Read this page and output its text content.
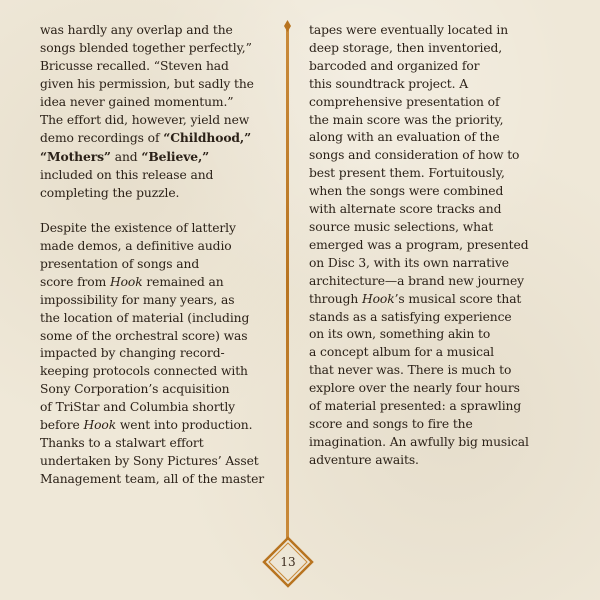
was hardly any overlap and the
songs blended together perfectly,”
Bricusse recalled. “Steven had
given his permission, but sadly the
idea never gained momentum.”
The effort did, however, yield new
demo recordings of “Childhood,”
“Mothers” and “Believe,”
included on this release and
completing the puzzle.

Despite the existence of latterly
made demos, a definitive audio
presentation of songs and
score from Hook remained an
impossibility for many years, as
the location of material (including
some of the orchestral score) was
impacted by changing record-
keeping protocols connected with
Sony Corporation’s acquisition
of TriStar and Columbia shortly
before Hook went into production.
Thanks to a stalwart effort
undertaken by Sony Pictures’ Asset
Management team, all of the master

tapes were eventually located in
deep storage, then inventoried,
barcoded and organized for
this soundtrack project. A
comprehensive presentation of
the main score was the priority,
along with an evaluation of the
songs and consideration of how to
best present them. Fortuitously,
when the songs were combined
with alternate score tracks and
source music selections, what
emerged was a program, presented
on Disc 3, with its own narrative
architecture—a brand new journey
through Hook’s musical score that
stands as a satisfying experience
on its own, something akin to
a concept album for a musical
that never was. There is much to
explore over the nearly four hours
of material presented: a sprawling
score and songs to fire the
imagination. An awfully big musical
adventure awaits.

13
